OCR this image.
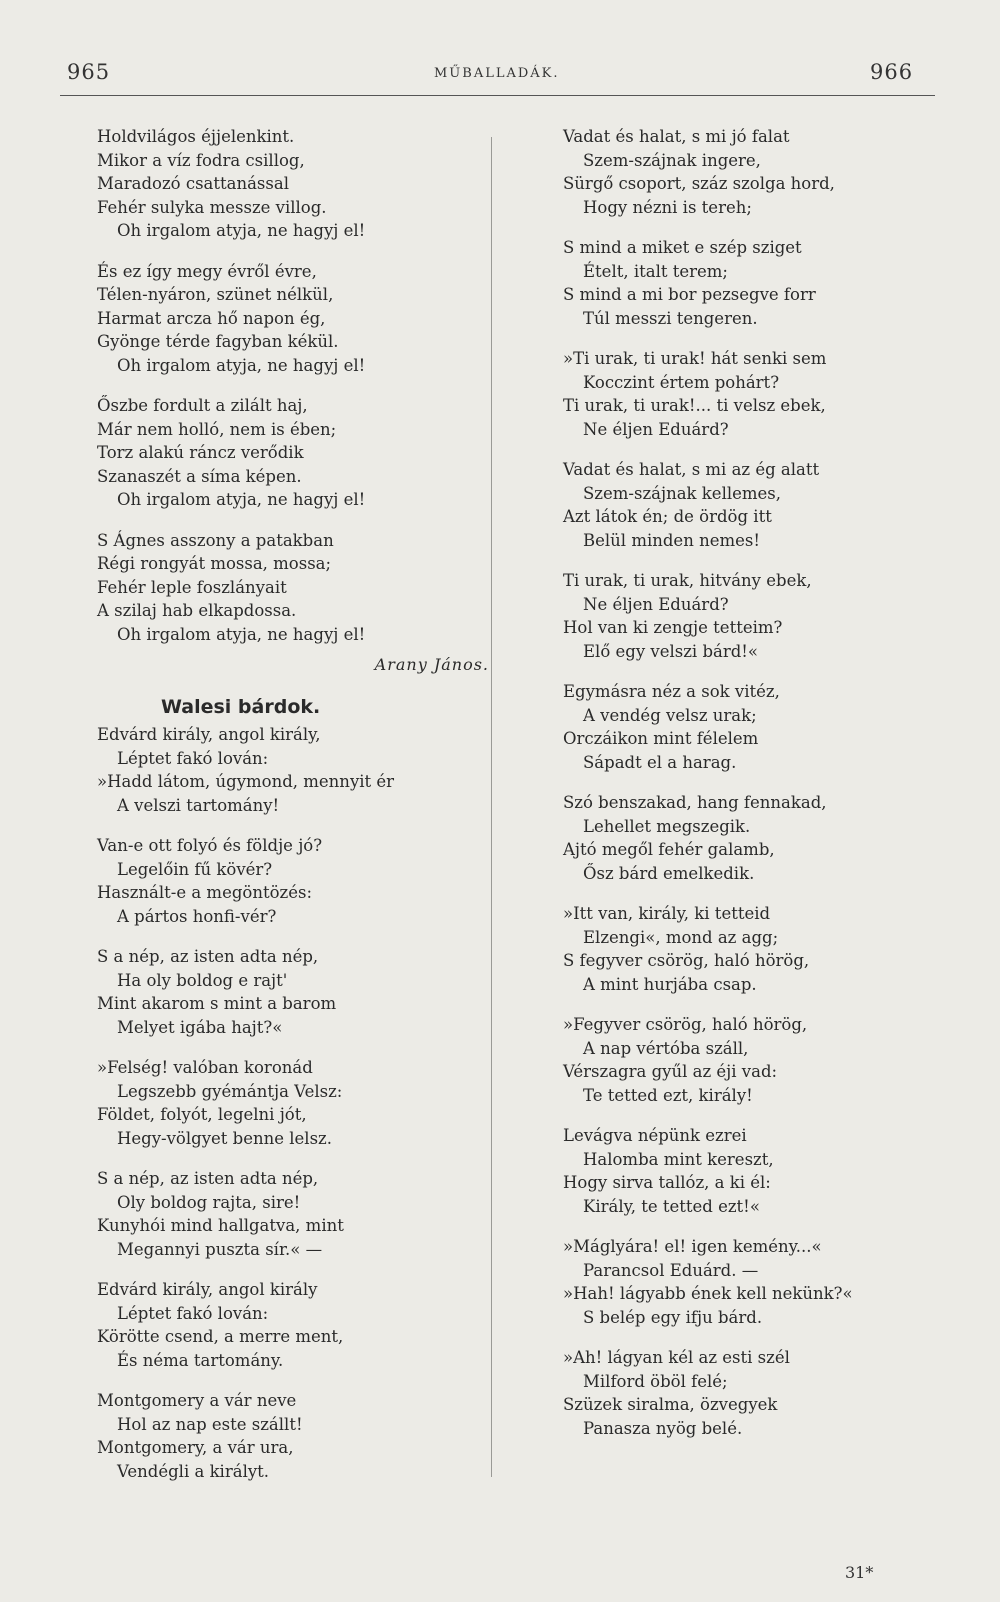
965	MŰBALLADÁK.	966
Holdvilágos éjjelenkint.
Mikor a víz fodra csillog,
Maradozó csattanással
Fehér sulyka messze villog.
Oh irgalom atyja, ne hagyj el!
És ez így megy évről évre,
Télen-nyáron, szünet nélkül,
Harmat arcza hő napon ég,
Gyönge térde fagyban kékül.
Oh irgalom atyja, ne hagyj el!
Őszbe fordult a zilált haj,
Már nem holló, nem is ében;
Torz alakú ráncz verődik
Szanaszét a síma képen.
Oh irgalom atyja, ne hagyj el!
S Ágnes asszony a patakban
Régi rongyát mossa, mossa;
Fehér leple foszlányait
A szilaj hab elkapdossa.
Oh irgalom atyja, ne hagyj el!
Arany János.
Walesi bárdok.
Edvárd király, angol király,
Léptet fakó lován:
»Hadd látom, úgymond, mennyit ér
A velszi tartomány!
Van-e ott folyó és földje jó?
Legelőin fű kövér?
Használt-e a megöntözés:
A pártos honfi-vér?
S a nép, az isten adta nép,
Ha oly boldog e rajt'
Mint akarom s mint a barom
Melyet igába hajt?«
»Felség! valóban koronád
Legszebb gyémántja Velsz:
Földet, folyót, legelni jót,
Hegy-völgyet benne lelsz.
S a nép, az isten adta nép,
Oly boldog rajta, sire!
Kunyhói mind hallgatva, mint
Megannyi puszta sír.« —
Edvárd király, angol király
Léptet fakó lován:
Körötte csend, a merre ment,
És néma tartomány.
Montgomery a vár neve
Hol az nap este szállt!
Montgomery, a vár ura,
Vendégli a királyt.
Vadat és halat, s mi jó falat
Szem-szájnak ingere,
Sürgő csoport, száz szolga hord,
Hogy nézni is tereh;
S mind a miket e szép sziget
Ételt, italt terem;
S mind a mi bor pezsegve forr
Túl messzi tengeren.
»Ti urak, ti urak! hát senki sem
Kocczint értem pohárt?
Ti urak, ti urak!... ti velsz ebek,
Ne éljen Eduárd?
Vadat és halat, s mi az ég alatt
Szem-szájnak kellemes,
Azt látok én; de ördög itt
Belül minden nemes!
Ti urak, ti urak, hitvány ebek,
Ne éljen Eduárd?
Hol van ki zengje tetteim?
Elő egy velszi bárd!«
Egymásra néz a sok vitéz,
A vendég velsz urak;
Orczáikon mint félelem
Sápadt el a harag.
Szó benszakad, hang fennakad,
Lehellet megszegik.
Ajtó megől fehér galamb,
Ősz bárd emelkedik.
»Itt van, király, ki tetteid
Elzengi«, mond az agg;
S fegyver csörög, haló hörög,
A mint hurjába csap.
»Fegyver csörög, haló hörög,
A nap vértóba száll,
Vérszagra gyűl az éji vad:
Te tetted ezt, király!
Levágva népünk ezrei
Halomba mint kereszt,
Hogy sirva tallóz, a ki él:
Király, te tetted ezt!«
»Máglyára! el! igen kemény...«
Parancsol Eduárd. —
»Hah! lágyabb ének kell nekünk?«
S belép egy ifju bárd.
»Ah! lágyan kél az esti szél
Milford öböl felé;
Szüzek siralma, özvegyek
Panasza nyög belé.
31*
